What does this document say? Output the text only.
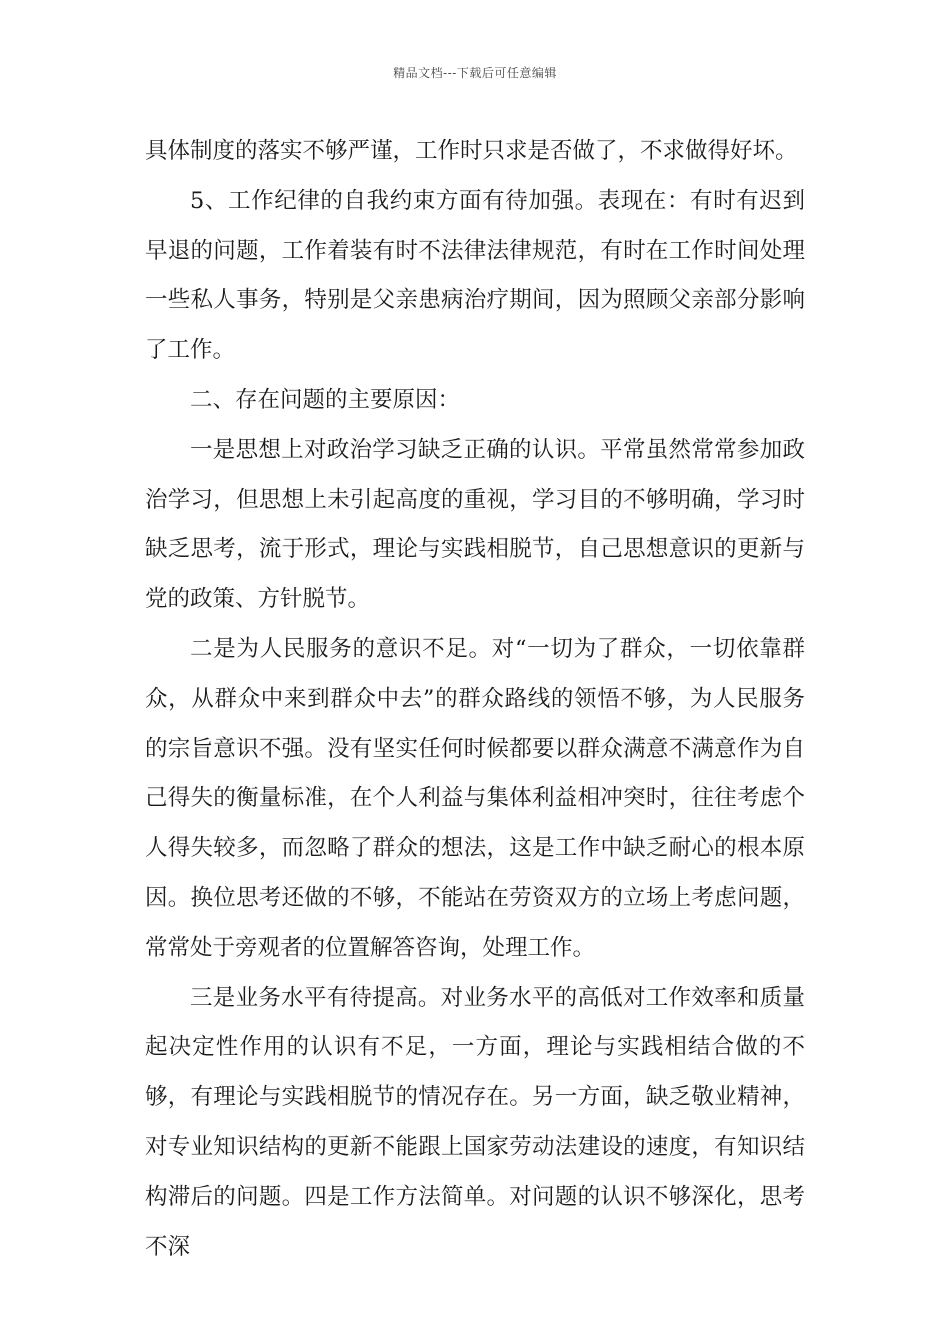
精品文档---下载后可任意编辑

具体制度的落实不够严谨，工作时只求是否做了，不求做得好坏。

5、工作纪律的自我约束方面有待加强。表现在：有时有迟到早退的问题，工作着装有时不法律法律规范，有时在工作时间处理一些私人事务，特别是父亲患病治疗期间，因为照顾父亲部分影响了工作。

二、存在问题的主要原因：

一是思想上对政治学习缺乏正确的认识。平常虽然常常参加政治学习，但思想上未引起高度的重视，学习目的不够明确，学习时缺乏思考，流于形式，理论与实践相脱节，自己思想意识的更新与党的政策、方针脱节。

二是为人民服务的意识不足。对“一切为了群众，一切依靠群众，从群众中来到群众中去”的群众路线的领悟不够，为人民服务的宗旨意识不强。没有坚实任何时候都要以群众满意不满意作为自己得失的衡量标准，在个人利益与集体利益相冲突时，往往考虑个人得失较多，而忽略了群众的想法，这是工作中缺乏耐心的根本原因。换位思考还做的不够，不能站在劳资双方的立场上考虑问题，常常处于旁观者的位置解答咨询，处理工作。

三是业务水平有待提高。对业务水平的高低对工作效率和质量起决定性作用的认识有不足，一方面，理论与实践相结合做的不够，有理论与实践相脱节的情况存在。另一方面，缺乏敬业精神，对专业知识结构的更新不能跟上国家劳动法建设的速度，有知识结构滞后的问题。四是工作方法简单。对问题的认识不够深化，思考不深
